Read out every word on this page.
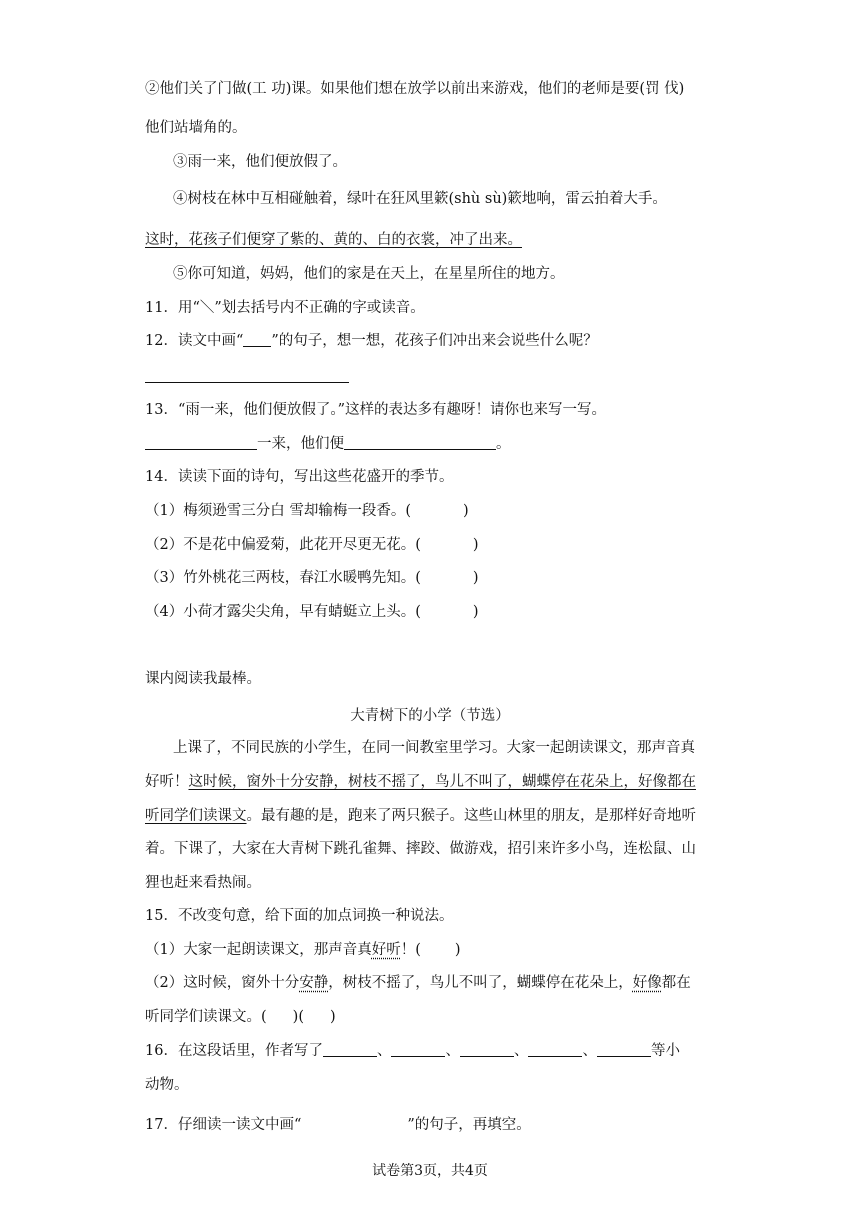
②他们关了门做(工 功)课。如果他们想在放学以前出来游戏，他们的老师是要(罚 伐)
他们站墙角的。
③雨一来，他们便放假了。
④树枝在林中互相碰触着，绿叶在狂风里簌(shù sù)簌地响，雷云拍着大手。
这时，花孩子们便穿了紫的、黄的、白的衣裳，冲了出来。
⑤你可知道，妈妈，他们的家是在天上，在星星所住的地方。
11．用“＼”划去括号内不正确的字或读音。
12．读文中画“ ”的句子，想一想，花孩子们冲出来会说些什么呢？
13．“雨一来，他们便放假了。”这样的表达多有趣呀！请你也来写一写。
一来，他们便	。
14．读读下面的诗句，写出这些花盛开的季节。
（1）梅须逊雪三分白 雪却输梅一段香。(	)
（2）不是花中偏爱菊，此花开尽更无花。(	)
（3）竹外桃花三两枝，春江水暖鸭先知。(	)
（4）小荷才露尖尖角，早有蜻蜓立上头。(	)
课内阅读我最棒。
大青树下的小学（节选）
上课了，不同民族的小学生，在同一间教室里学习。大家一起朗读课文，那声音真
好听！这时候，窗外十分安静，树枝不摇了，鸟儿不叫了，蝴蝶停在花朵上，好像都在
听同学们读课文。最有趣的是，跑来了两只猴子。这些山林里的朋友，是那样好奇地听
着。下课了，大家在大青树下跳孔雀舞、摔跤、做游戏，招引来许多小鸟，连松鼠、山
狸也赶来看热闹。
15．不改变句意，给下面的加点词换一种说法。
（1）大家一起朗读课文，那声音真好听！( )
（2）这时候，窗外十分安静，树枝不摇了，鸟儿不叫了，蝴蝶停在花朵上，好像都在
听同学们读课文。( )( )
16．在这段话里，作者写了	、	、	、	、	等小
动物。
17．仔细读一读文中画“	”的句子，再填空。
试卷第3页，共4页
